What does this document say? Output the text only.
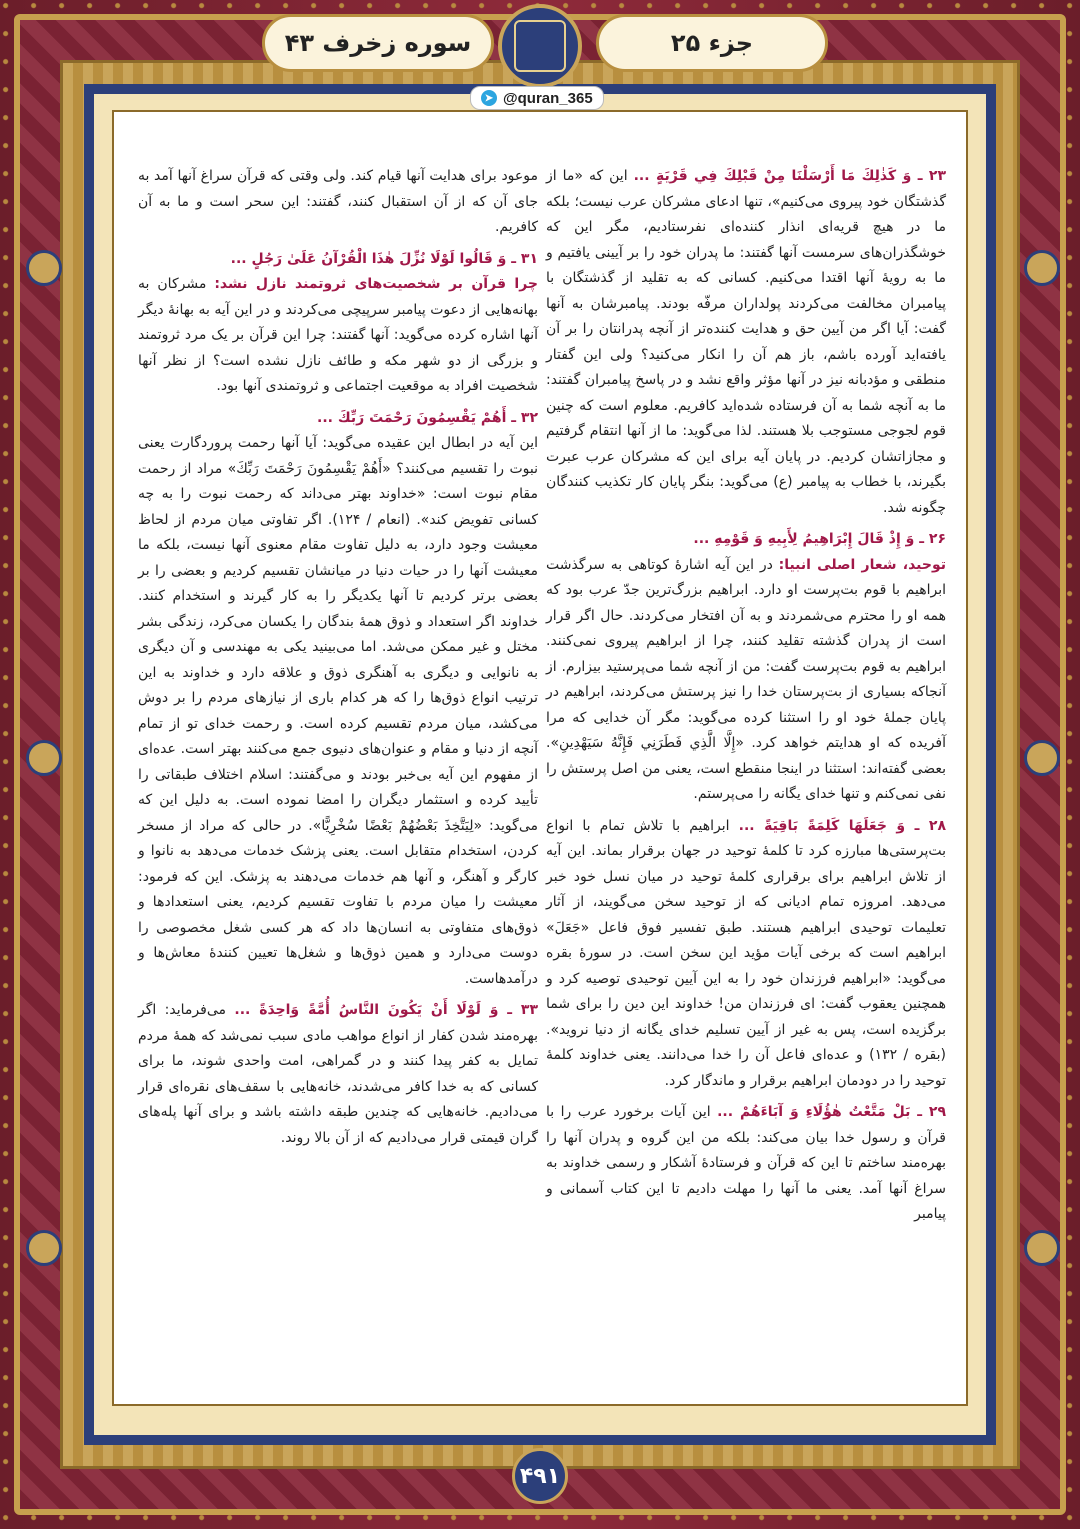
سوره زخرف ۴۳	جزء ۲۵
➤ @quran_365

۲۳ ـ وَ كَذٰلِكَ مَا أَرْسَلْنَا مِنْ قَبْلِكَ فِي قَرْيَةٍ ... این که «ما از گذشتگان خود پیروی می‌کنیم»، تنها ادعای مشرکان عرب نیست؛ بلکه ما در هیچ قریه‌ای انذار کننده‌ای نفرستادیم، مگر این که خوشگذران‌های سرمست آنها گفتند: ما پدران خود را بر آیینی یافتیم و ما به رویهٔ آنها اقتدا می‌کنیم. کسانی که به تقلید از گذشتگان با پیامبران مخالفت می‌کردند پولداران مرفّه بودند. پیامبرشان به آنها گفت: آیا اگر من آیین حق و هدایت کننده‌تر از آنچه پدرانتان را بر آن یافته‌اید آورده باشم، باز هم آن را انکار می‌کنید؟ ولی این گفتار منطقی و مؤدبانه نیز در آنها مؤثر واقع نشد و در پاسخ پیامبران گفتند: ما به آنچه شما به آن فرستاده شده‌اید کافریم. معلوم است که چنین قوم لجوجی مستوجب بلا هستند. لذا می‌گوید: ما از آنها انتقام گرفتیم و مجازاتشان کردیم. در پایان آیه برای این که مشرکان عرب عبرت بگیرند، با خطاب به پیامبر (ع) می‌گوید: بنگر پایان کار تکذیب کنندگان چگونه شد.

۲۶ ـ وَ إِذْ قَالَ إِبْرَاهِيمُ لِأَبِيهِ وَ قَوْمِهِ ...
توحید، شعار اصلی انبیا: در این آیه اشارهٔ کوتاهی به سرگذشت ابراهیم با قوم بت‌پرست او دارد. ابراهیم بزرگ‌ترین جدّ عرب بود که همه او را محترم می‌شمردند و به آن افتخار می‌کردند. حال اگر قرار است از پدران گذشته تقلید کنند، چرا از ابراهیم پیروی نمی‌کنند. ابراهیم به قوم بت‌پرست گفت: من از آنچه شما می‌پرستید بیزارم. از آنجاکه بسیاری از بت‌پرستان خدا را نیز پرستش می‌کردند، ابراهیم در پایان جملهٔ خود او را استثنا کرده می‌گوید: مگر آن خدایی که مرا آفریده که او هدایتم خواهد کرد. «إِلَّا الَّذِي فَطَرَنِي فَإِنَّهُ سَيَهْدِينِ». بعضی گفته‌اند: استثنا در اینجا منقطع است، یعنی من اصل پرستش را نفی نمی‌کنم و تنها خدای یگانه را می‌پرستم.

۲۸ ـ وَ جَعَلَهَا كَلِمَةً بَاقِيَةً ... ابراهیم با تلاش تمام با انواع بت‌پرستی‌ها مبارزه کرد تا کلمهٔ توحید در جهان برقرار بماند. این آیه از تلاش ابراهیم برای برقراری کلمهٔ توحید در میان نسل خود خبر می‌دهد. امروزه تمام ادیانی که از توحید سخن می‌گویند، از آثار تعلیمات توحیدی ابراهیم هستند. طبق تفسیر فوق فاعل «جَعَلَ» ابراهیم است که برخی آیات مؤید این سخن است. در سورهٔ بقره می‌گوید: «ابراهیم فرزندان خود را به این آیین توحیدی توصیه کرد و همچنین یعقوب گفت: ای فرزندان من! خداوند این دین را برای شما برگزیده است، پس به غیر از آیین تسلیم خدای یگانه از دنیا نروید». (بقره / ۱۳۲) و عده‌ای فاعل آن را خدا می‌دانند. یعنی خداوند کلمهٔ توحید را در دودمان ابراهیم برقرار و ماندگار کرد.

۲۹ ـ بَلْ مَتَّعْتُ هٰؤُلَاءِ وَ آبَاءَهُمْ ... این آیات برخورد عرب را با قرآن و رسول خدا بیان می‌کند: بلکه من این گروه و پدران آنها را بهره‌مند ساختم تا این که قرآن و فرستادهٔ آشکار و رسمی خداوند به سراغ آنها آمد. یعنی ما آنها را مهلت دادیم تا این کتاب آسمانی و پیامبر

موعود برای هدایت آنها قیام کند. ولی وقتی که قرآن سراغ آنها آمد به جای آن که از آن استقبال کنند، گفتند: این سحر است و ما به آن کافریم.

۳۱ ـ وَ قَالُوا لَوْلَا نُزِّلَ هٰذَا الْقُرْآنُ عَلَىٰ رَجُلٍ ...
چرا قرآن بر شخصیت‌های ثروتمند نازل نشد: مشرکان به بهانه‌هایی از دعوت پیامبر سرپیچی می‌کردند و در این آیه به بهانهٔ دیگر آنها اشاره کرده می‌گوید: آنها گفتند: چرا این قرآن بر یک مرد ثروتمند و بزرگی از دو شهر مکه و طائف نازل نشده است؟ از نظر آنها شخصیت افراد به موقعیت اجتماعی و ثروتمندی آنها بود.

۳۲ ـ أَهُمْ يَقْسِمُونَ رَحْمَتَ رَبِّكَ ...
این آیه در ابطال این عقیده می‌گوید: آیا آنها رحمت پروردگارت یعنی نبوت را تقسیم می‌کنند؟ «أَهُمْ يَقْسِمُونَ رَحْمَتَ رَبِّكَ» مراد از رحمت مقام نبوت است: «خداوند بهتر می‌داند که رحمت نبوت را به چه کسانی تفویض کند». (انعام / ۱۲۴). اگر تفاوتی میان مردم از لحاظ معیشت وجود دارد، به دلیل تفاوت مقام معنوی آنها نیست، بلکه ما معیشت آنها را در حیات دنیا در میانشان تقسیم کردیم و بعضی را بر بعضی برتر کردیم تا آنها یکدیگر را به کار گیرند و استخدام کنند. خداوند اگر استعداد و ذوق همهٔ بندگان را یکسان می‌کرد، زندگی بشر مختل و غیر ممکن می‌شد. اما می‌بینید یکی به مهندسی و آن دیگری به نانوایی و دیگری به آهنگری ذوق و علاقه دارد و خداوند به این ترتیب انواع ذوق‌ها را که هر کدام باری از نیازهای مردم را بر دوش می‌کشد، میان مردم تقسیم کرده است. و رحمت خدای تو از تمام آنچه از دنیا و مقام و عنوان‌های دنیوی جمع می‌کنند بهتر است. عده‌ای از مفهوم این آیه بی‌خبر بودند و می‌گفتند: اسلام اختلاف طبقاتی را تأیید کرده و استثمار دیگران را امضا نموده است. به دلیل این که می‌گوید: «لِيَتَّخِذَ بَعْضُهُمْ بَعْضًا سُخْرِيًّا». در حالی که مراد از مسخر کردن، استخدام متقابل است. یعنی پزشک خدمات می‌دهد به نانوا و کارگر و آهنگر، و آنها هم خدمات می‌دهند به پزشک. این که فرمود: معیشت را میان مردم با تفاوت تقسیم کردیم، یعنی استعدادها و ذوق‌های متفاوتی به انسان‌ها داد که هر کسی شغل مخصوصی را دوست می‌دارد و همین ذوق‌ها و شغل‌ها تعیین کنندهٔ معاش‌ها و درآمدهاست.

۳۳ ـ وَ لَوْلَا أَنْ يَكُونَ النَّاسُ أُمَّةً وَاحِدَةً ... می‌فرماید: اگر بهره‌مند شدن کفار از انواع مواهب مادی سبب نمی‌شد که همهٔ مردم تمایل به کفر پیدا کنند و در گمراهی، امت واحدی شوند، ما برای کسانی که به خدا کافر می‌شدند، خانه‌هایی با سقف‌های نقره‌ای قرار می‌دادیم. خانه‌هایی که چندین طبقه داشته باشد و برای آنها پله‌های گران قیمتی قرار می‌دادیم که از آن بالا روند.

۴۹۱
